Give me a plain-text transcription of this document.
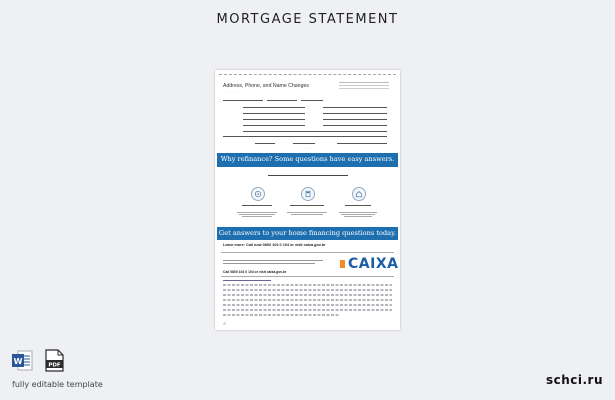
MORTGAGE STATEMENT
Address, Phone, and Name Changes
· · · · · · · · · · · ·
· · · · · · · · ·
Why refinance? Some questions have easy answers.
Get answers to your home financing questions today.
Learn more: Call now 0800 104 0 104 or visit caixa.gov.br
Call 0800 104 0 104 or visit caixa.gov.br	CAIXA
⊙
W	PDF
fully editable template	schci.ru
